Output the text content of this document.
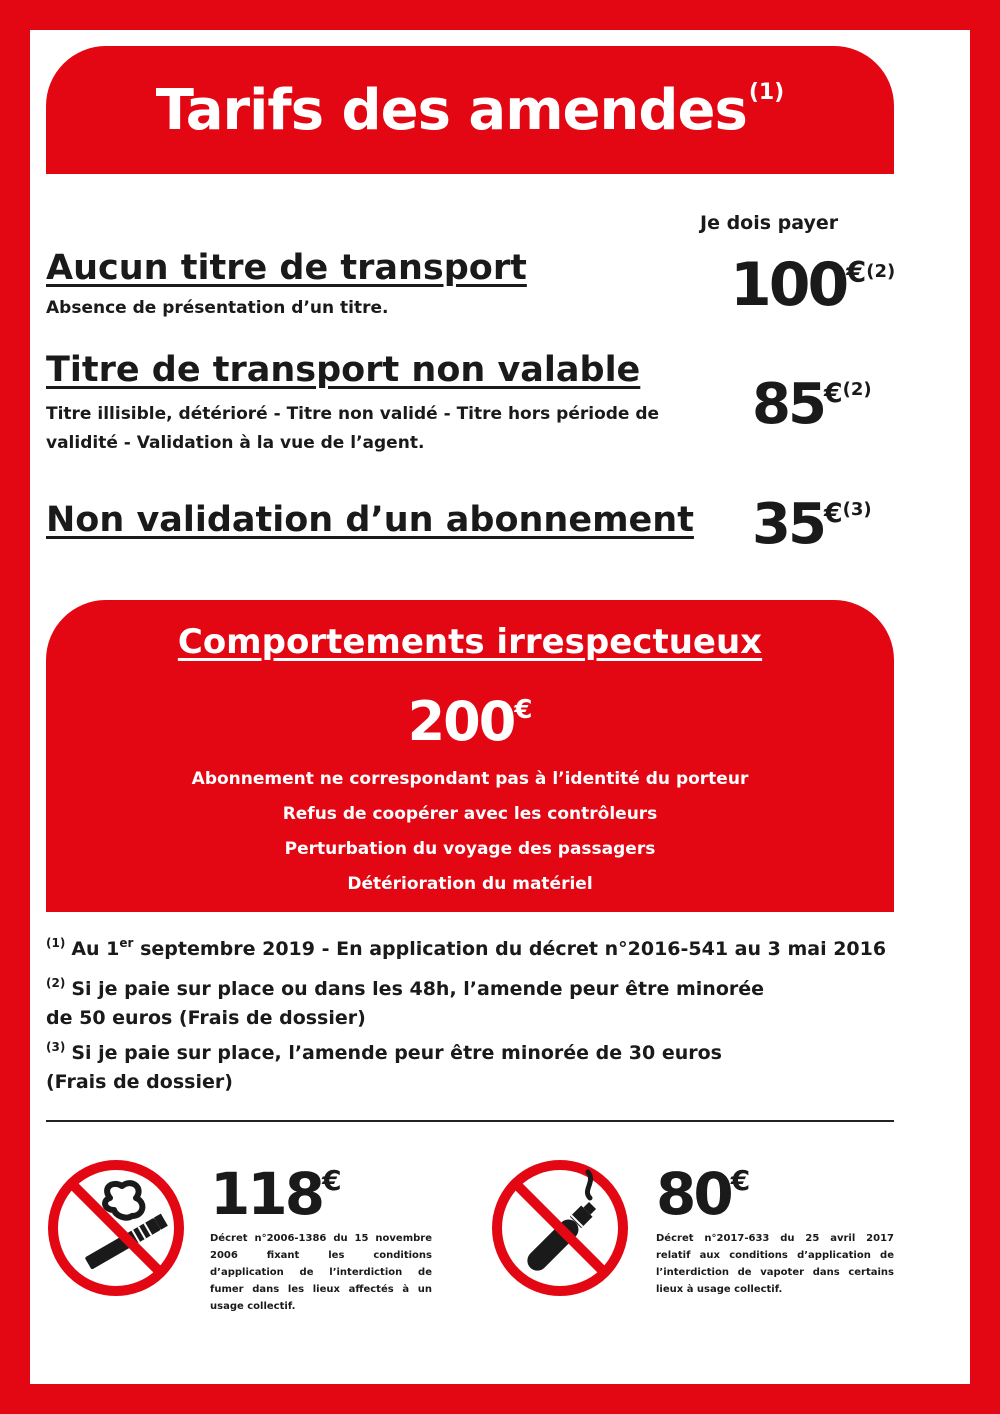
Tarifs des amendes (1)
Je dois payer
Aucun titre de transport
Absence de présentation d’un titre.	100$^{€(2)}$
Titre de transport non valable
Titre illisible, détérioré - Titre non validé - Titre hors période de validité - Validation à la vue de l’agent.
85$^{€(2)}$
Non validation d’un abonnement 35$^{€(3)}$
Comportements irrespectueux
200€
Abonnement ne correspondant pas à l’identité du porteur
Refus de coopérer avec les contrôleurs
Perturbation du voyage des passagers
Détérioration du matériel
$^{(1)}$ Au 1er septembre 2019 - En application du décret n°2016-541 au 3 mai 2016
$^{(2)}$ Si je paie sur place ou dans les 48h, l’amende peur être minorée de 50 euros (Frais de dossier)
$^{(3)}$ Si je paie sur place, l’amende peur être minorée de 30 euros (Frais de dossier)
118€
Décret n°2006-1386 du 15 novembre 2006 fixant les conditions d’application de l’interdiction de fumer dans les lieux affectés à un usage collectif.
80€
Décret n°2017-633 du 25 avril 2017 relatif aux conditions d’application de l’interdiction de vapoter dans certains lieux à usage collectif.
